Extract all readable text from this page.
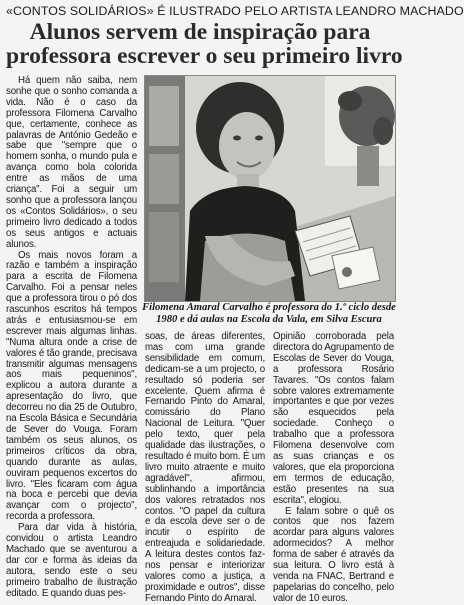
«CONTOS SOLIDÁRIOS» É ILUSTRADO PELO ARTISTA LEANDRO MACHADO
Alunos servem de inspiração para
professora escrever o seu primeiro livro

Há quem não saiba, nem sonhe que o sonho comanda a vida. Não é o caso da professora Filomena Carvalho que, certamente, conhece as palavras de António Gedeão e sabe que "sempre que o homem sonha, o mundo pula e avança como bola colorida entre as mãos de uma criança". Foi a seguir um sonho que a professora lançou os «Contos Solidários», o seu primeiro livro dedicado a todos os seus antigos e actuais alunos.

Os mais novos foram a razão e também a inspiração para a escrita de Filomena Carvalho. Foi a pensar neles que a professora tirou o pó dos rascunhos escritos há tempos atrás e entusiasmou-se em escrever mais algumas linhas. "Numa altura onde a crise de valores é tão grande, precisava transmitir algumas mensagens aos mais pequeninos", explicou a autora durante a apresentação do livro, que decorreu no dia 25 de Outubro, na Escola Básica e Secundária de Sever do Vouga. Foram também os seus alunos, os primeiros críticos da obra, quando durante as aulas, ouviram pequenos excertos do livro. "Eles ficaram com água na boca e percebi que devia avançar com o projecto", recorda a professora.

Para dar vida à história, convidou o artista Leandro Machado que se aventurou a dar cor e forma às ideias da autora, sendo este o seu primeiro trabalho de ilustração editado. E quando duas pes-

Filomena Amaral Carvalho é professora do 1.º ciclo desde 1980 e dá aulas na Escola da Vala, em Silva Escura

soas, de áreas diferentes, mas com uma grande sensibilidade em comum, dedicam-se a um projecto, o resultado só poderia ser excelente. Quem afirma é Fernando Pinto do Amaral, comissário do Plano Nacional de Leitura. "Quer pelo texto, quer pela qualidade das ilustrações, o resultado é muito bom. É um livro muito atraente e muito agradável", afirmou, sublinhando a importância dos valores retratados nos contos. "O papel da cultura e da escola deve ser o de incutir o espírito de entreajuda e solidariedade. A leitura destes contos faz-nos pensar e interiorizar valores como a justiça, a proximidade e outros", disse Fernando Pinto do Amaral.

Opinião corroborada pela directora do Agrupamento de Escolas de Sever do Vouga, a professora Rosário Tavares. "Os contos falam sobre valores extremamente importantes e que por vezes são esquecidos pela sociedade. Conheço o trabalho que a professora Filomena desenvolve com as suas crianças e os valores, que ela proporciona em termos de educação, estão presentes na sua escrita", elogiou.

E falam sobre o quê os contos que nos fazem acordar para alguns valores adormecidos? A melhor forma de saber é através da sua leitura. O livro está à venda na FNAC, Bertrand e papelarias do concelho, pelo valor de 10 euros.
